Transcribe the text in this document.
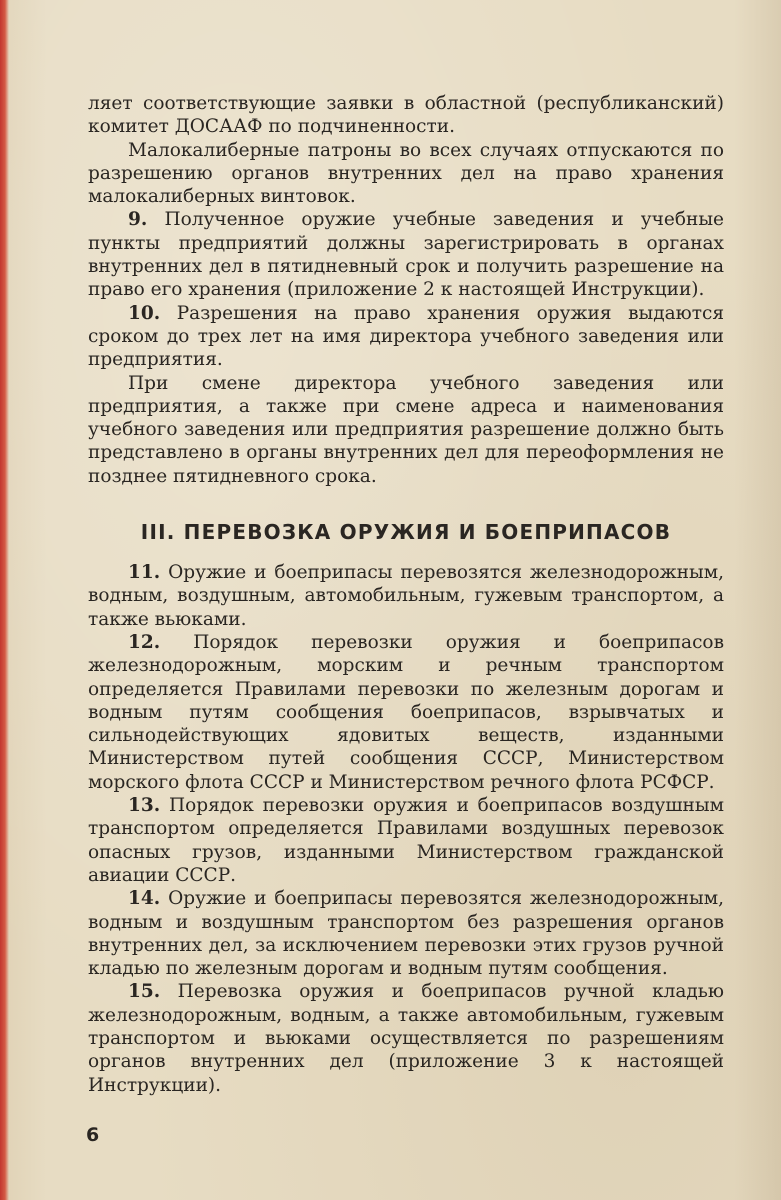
ляет соответствующие заявки в областной (республиканский) комитет ДОСААФ по подчиненности.

Малокалиберные патроны во всех случаях отпускаются по разрешению органов внутренних дел на право хранения малокалиберных винтовок.

9. Полученное оружие учебные заведения и учебные пункты предприятий должны зарегистрировать в органах внутренних дел в пятидневный срок и получить разрешение на право его хранения (приложение 2 к настоящей Инструкции).

10. Разрешения на право хранения оружия выдаются сроком до трех лет на имя директора учебного заведения или предприятия.

При смене директора учебного заведения или предприятия, а также при смене адреса и наименования учебного заведения или предприятия разрешение должно быть представлено в органы внутренних дел для переоформления не позднее пятидневного срока.

III. ПЕРЕВОЗКА ОРУЖИЯ И БОЕПРИПАСОВ

11. Оружие и боеприпасы перевозятся железнодорожным, водным, воздушным, автомобильным, гужевым транспортом, а также вьюками.

12. Порядок перевозки оружия и боеприпасов железнодорожным, морским и речным транспортом определяется Правилами перевозки по железным дорогам и водным путям сообщения боеприпасов, взрывчатых и сильнодействующих ядовитых веществ, изданными Министерством путей сообщения СССР, Министерством морского флота СССР и Министерством речного флота РСФСР.

13. Порядок перевозки оружия и боеприпасов воздушным транспортом определяется Правилами воздушных перевозок опасных грузов, изданными Министерством гражданской авиации СССР.

14. Оружие и боеприпасы перевозятся железнодорожным, водным и воздушным транспортом без разрешения органов внутренних дел, за исключением перевозки этих грузов ручной кладью по железным дорогам и водным путям сообщения.

15. Перевозка оружия и боеприпасов ручной кладью железнодорожным, водным, а также автомобильным, гужевым транспортом и вьюками осуществляется по разрешениям органов внутренних дел (приложение 3 к настоящей Инструкции).

6
